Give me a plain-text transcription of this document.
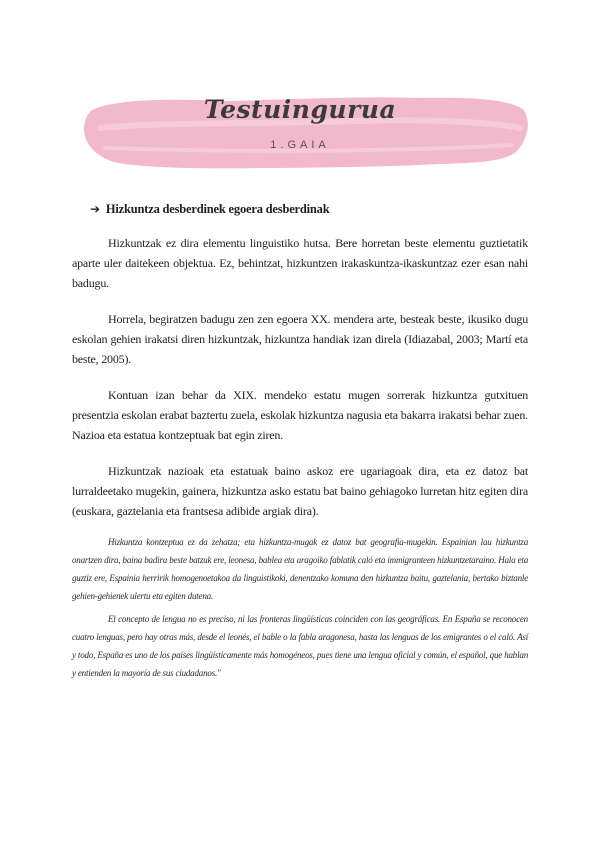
Testuingurua
1.GAIA
➔ Hizkuntza desberdinek egoera desberdinak

Hizkuntzak ez dira elementu linguistiko hutsa. Bere horretan beste elementu guztietatik aparte uler daitekeen objektua. Ez, behintzat, hizkuntzen irakaskuntza-ikaskuntzaz ezer esan nahi badugu.

Horrela, begiratzen badugu zen zen egoera XX. mendera arte, besteak beste, ikusiko dugu eskolan gehien irakatsi diren hizkuntzak, hizkuntza handiak izan direla (Idiazabal, 2003; Martí eta beste, 2005).

Kontuan izan behar da XIX. mendeko estatu mugen sorrerak hizkuntza gutxituen presentzia eskolan erabat baztertu zuela, eskolak hizkuntza nagusia eta bakarra irakatsi behar zuen. Nazioa eta estatua kontzeptuak bat egin ziren.

Hizkuntzak nazioak eta estatuak baino askoz ere ugariagoak dira, eta ez datoz bat lurraldeetako mugekin, gainera, hizkuntza asko estatu bat baino gehiagoko lurretan hitz egiten dira (euskara, gaztelania eta frantsesa adibide argiak dira).

Hizkuntza kontzeptua ez da zehatza; eta hizkuntza-mugak ez datoz bat geografia-mugekin. Espainian lau hizkuntza onartzen dira, baina badira beste batzuk ere, leonesa, bablea eta aragoiko fablatik caló eta immigranteen hizkuntzetaraino. Hala eta guztiz ere, Espainia herririk homogenoetakoa da linguistikoki, denentzako komuna den hizkuntza baitu, gaztelania, bertako biztanle gehien-gehienek ulertu eta egiten dutena.

El concepto de lengua no es preciso, ni las fronteras lingüísticas coinciden con las geográficas. En España se reconocen cuatro lenguas, pero hay otras más, desde el leonés, el bable o la fabla aragonesa, hasta las lenguas de los emigrantes o el caló. Así y todo, España es uno de los países lingüísticamente más homogéneos, pues tiene una lengua oficial y común, el español, que hablan y entienden la mayoría de sus ciudadanos."
